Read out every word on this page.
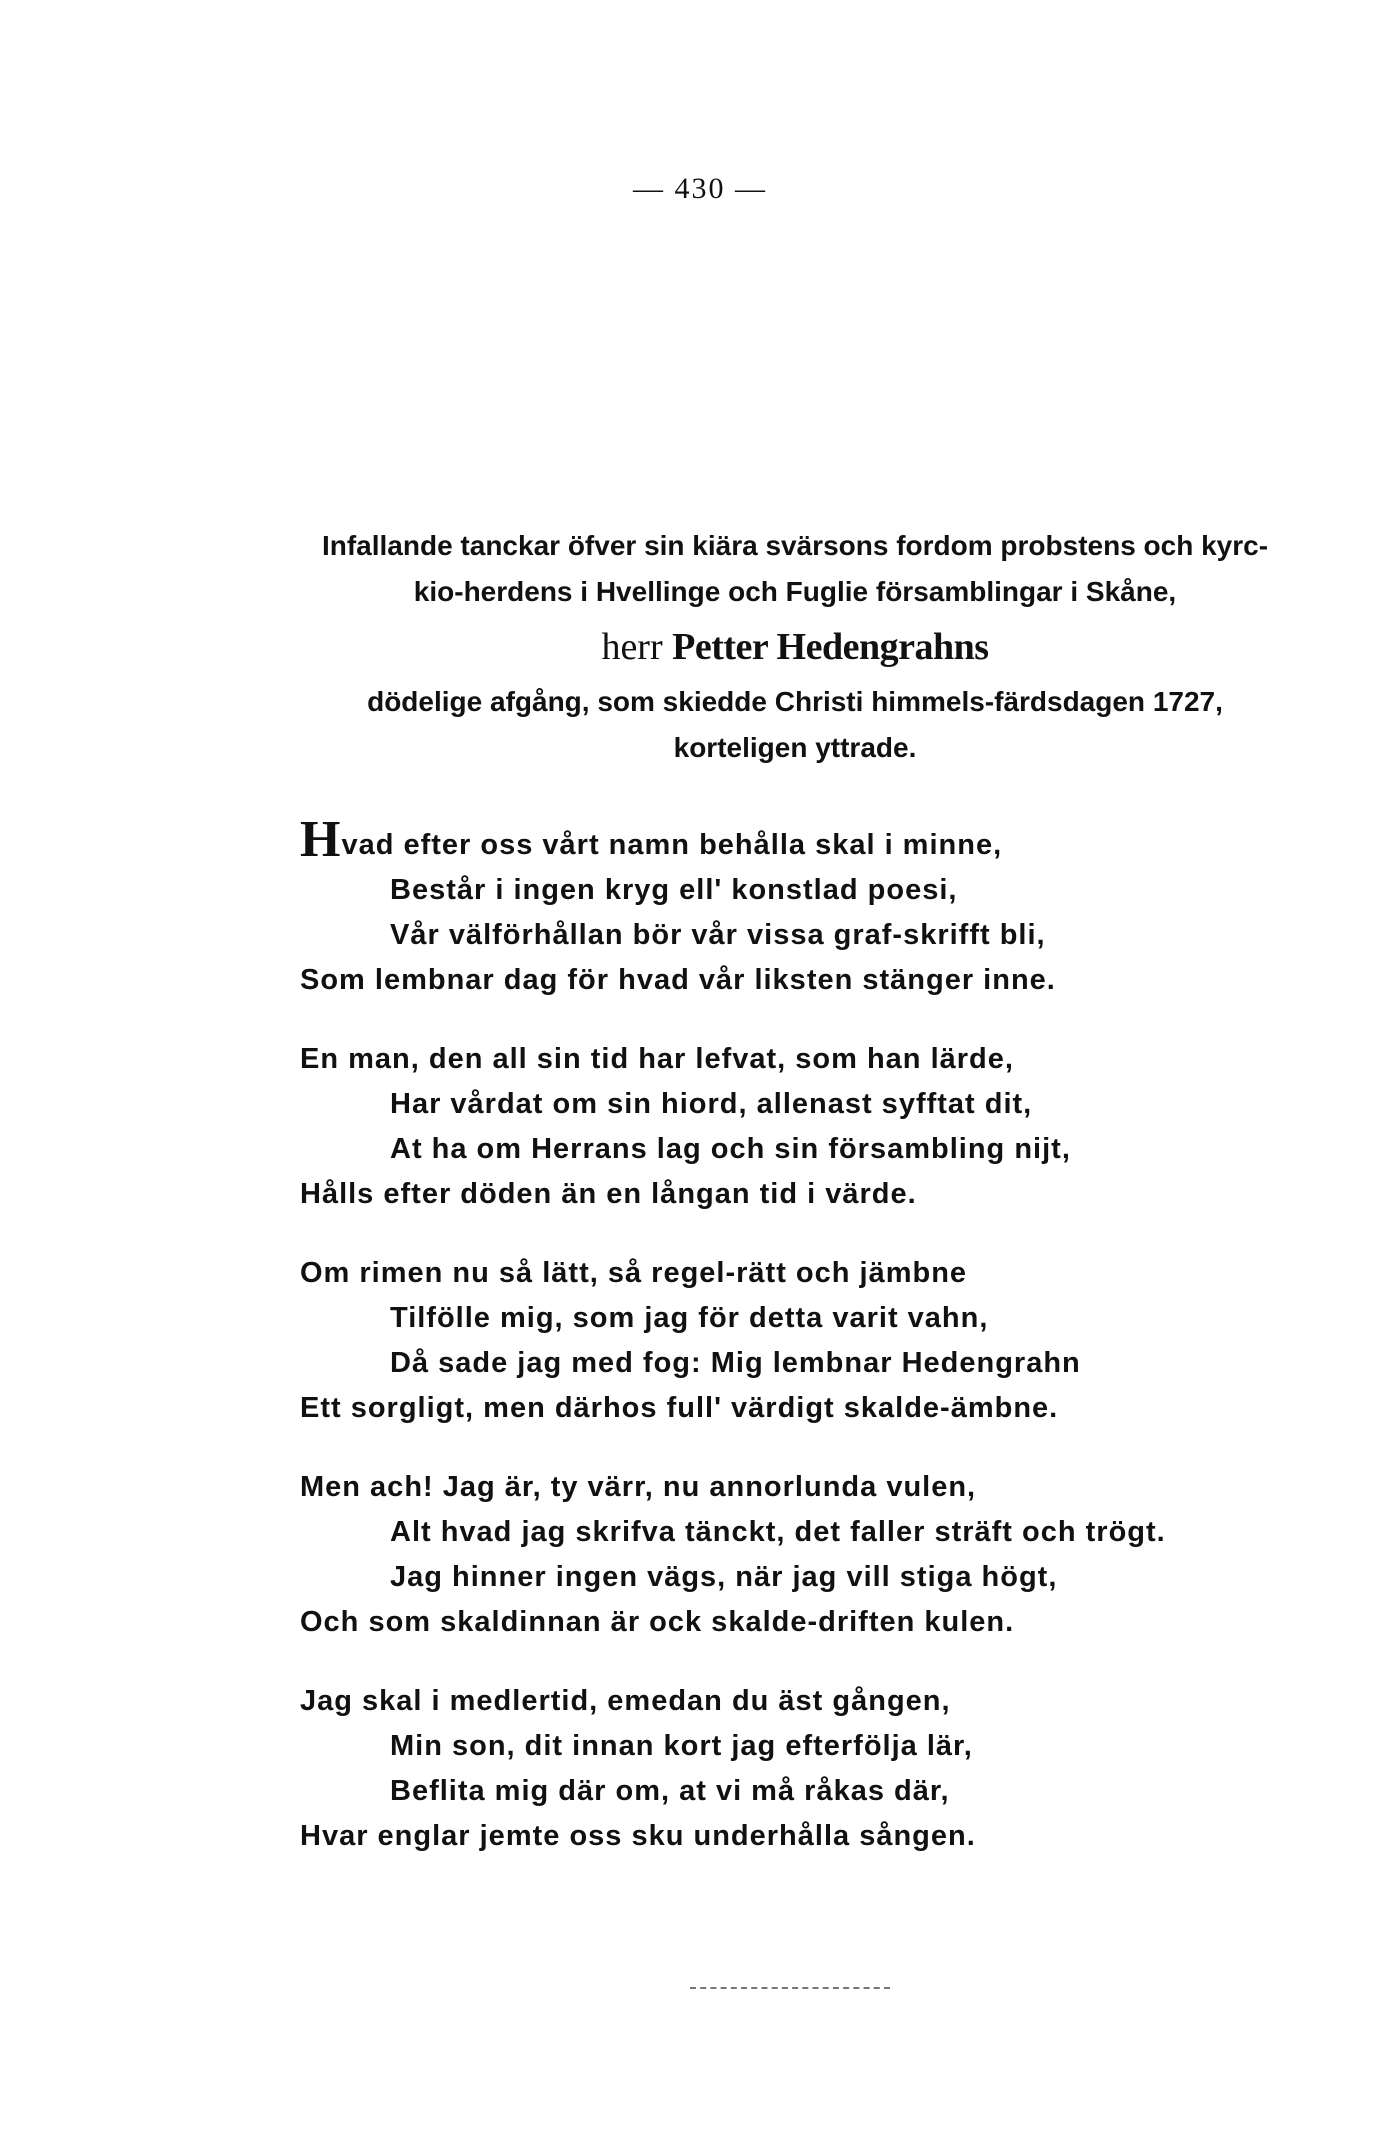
— 430 —
Infallande tanckar öfver sin kiära svärsons fordom probstens och kyrc-
kio-herdens i Hvellinge och Fuglie församblingar i Skåne,
herr Petter Hedengrahns
dödelige afgång, som skiedde Christi himmels-färdsdagen 1727,
korteligen yttrade.
Hvad efter oss vårt namn behålla skal i minne,
Består i ingen kryg ell' konstlad poesi,
Vår välförhållan bör vår vissa graf-skrifft bli,
Som lembnar dag för hvad vår liksten stänger inne.
En man, den all sin tid har lefvat, som han lärde,
Har vårdat om sin hiord, allenast syfftat dit,
At ha om Herrans lag och sin försambling nijt,
Hålls efter döden än en långan tid i värde.
Om rimen nu så lätt, så regel-rätt och jämbne
Tilfölle mig, som jag för detta varit vahn,
Då sade jag med fog: Mig lembnar Hedengrahn
Ett sorgligt, men därhos full' värdigt skalde-ämbne.
Men ach! Jag är, ty värr, nu annorlunda vulen,
Alt hvad jag skrifva tänckt, det faller sträft och trögt.
Jag hinner ingen vägs, när jag vill stiga högt,
Och som skaldinnan är ock skalde-driften kulen.
Jag skal i medlertid, emedan du äst gången,
Min son, dit innan kort jag efterfölja lär,
Beflita mig där om, at vi må råkas där,
Hvar englar jemte oss sku underhålla sången.
